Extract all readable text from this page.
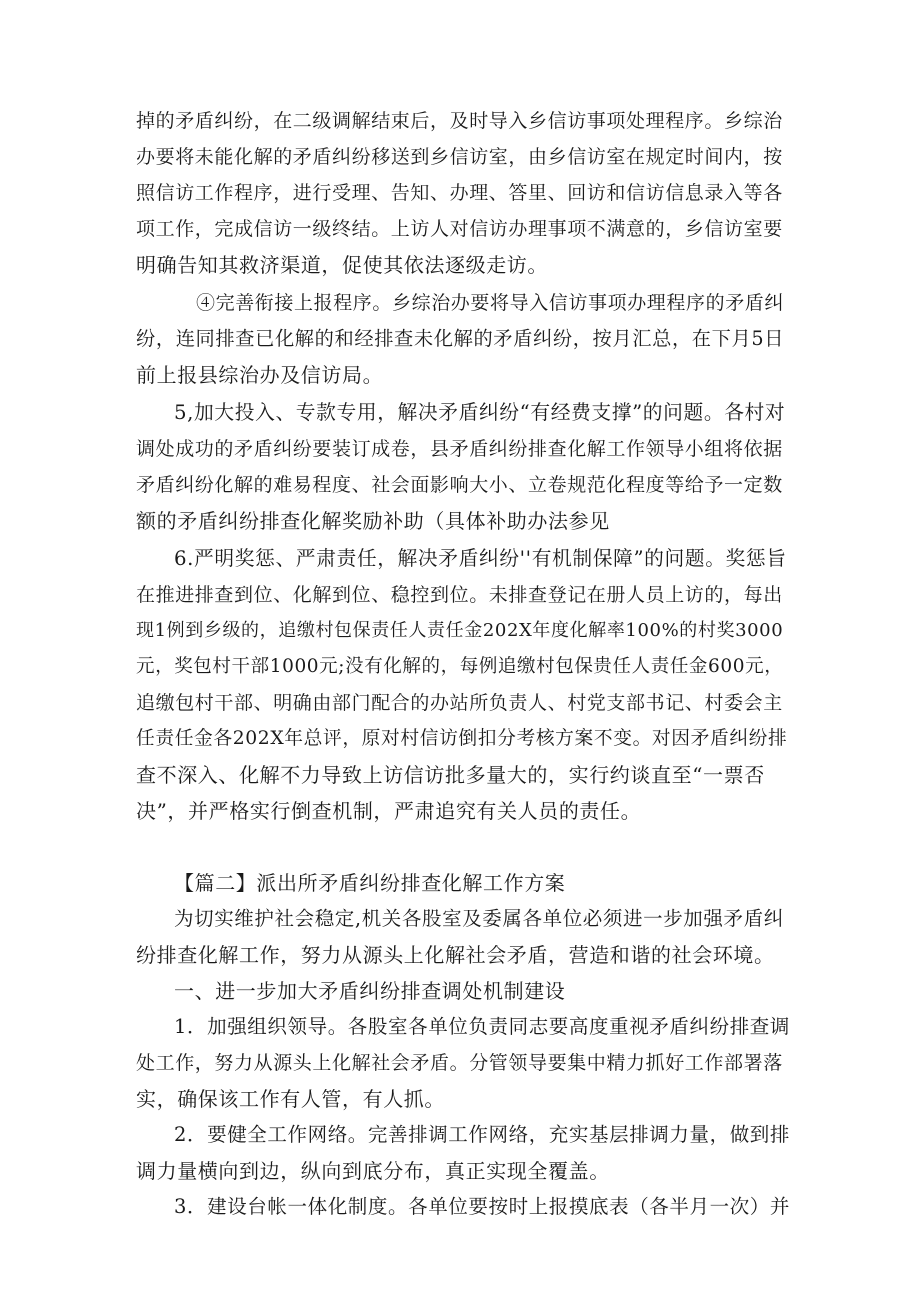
掉的矛盾纠纷，在二级调解结束后，及时导入乡信访事项处理程序。乡综治
办要将未能化解的矛盾纠纷移送到乡信访室，由乡信访室在规定时间内，按
照信访工作程序，进行受理、告知、办理、答里、回访和信访信息录入等各
项工作，完成信访一级终结。上访人对信访办理事项不满意的，乡信访室要
明确告知其救济渠道，促使其依法逐级走访。
④完善衔接上报程序。乡综治办要将导入信访事项办理程序的矛盾纠
纷，连同排查已化解的和经排查未化解的矛盾纠纷，按月汇总，在下月5日
前上报县综治办及信访局。
5,加大投入、专款专用，解决矛盾纠纷“有经费支撑”的问题。各村对
调处成功的矛盾纠纷要装订成卷，县矛盾纠纷排查化解工作领导小组将依据
矛盾纠纷化解的难易程度、社会面影响大小、立卷规范化程度等给予一定数
额的矛盾纠纷排查化解奖励补助（具体补助办法参见
6.严明奖惩、严肃责任，解决矛盾纠纷''有机制保障”的问题。奖惩旨
在推进排查到位、化解到位、稳控到位。未排查登记在册人员上访的，每出
现1例到乡级的，追缴村包保责任人责任金202X年度化解率100%的村奖3000
元，奖包村干部1000元;没有化解的，每例追缴村包保贵任人责任金600元，
追缴包村干部、明确由部门配合的办站所负责人、村党支部书记、村委会主
任责任金各202X年总评，原对村信访倒扣分考核方案不变。对因矛盾纠纷排
查不深入、化解不力导致上访信访批多量大的，实行约谈直至“一票否
决”，并严格实行倒查机制，严肃追究有关人员的责任。
【篇二】派出所矛盾纠纷排查化解工作方案
为切实维护社会稳定,机关各股室及委属各单位必须进一步加强矛盾纠
纷排查化解工作，努力从源头上化解社会矛盾，营造和谐的社会环境。
一、进一步加大矛盾纠纷排查调处机制建设
1．加强组织领导。各股室各单位负责同志要高度重视矛盾纠纷排查调
处工作，努力从源头上化解社会矛盾。分管领导要集中精力抓好工作部署落
实，确保该工作有人管，有人抓。
2．要健全工作网络。完善排调工作网络，充实基层排调力量，做到排
调力量横向到边，纵向到底分布，真正实现全覆盖。
3．建设台帐一体化制度。各单位要按时上报摸底表（各半月一次）并
